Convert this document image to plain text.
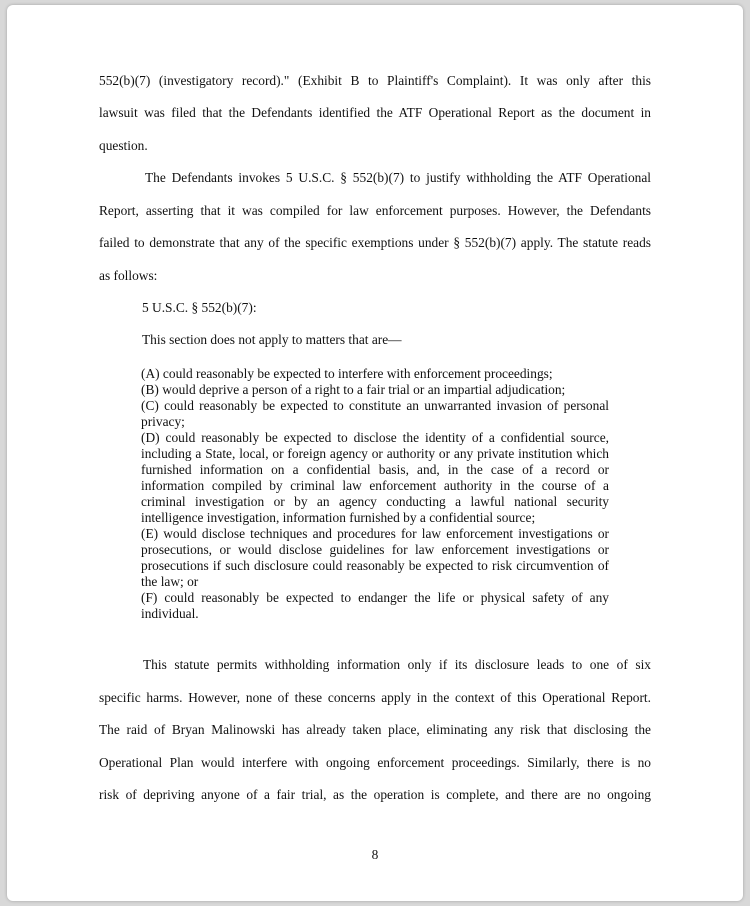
552(b)(7) (investigatory record)." (Exhibit B to Plaintiff's Complaint). It was only after this

lawsuit was filed that the Defendants identified the ATF Operational Report as the document in

question.

The Defendants invokes 5 U.S.C. § 552(b)(7) to justify withholding the ATF Operational

Report, asserting that it was compiled for law enforcement purposes. However, the Defendants

failed to demonstrate that any of the specific exemptions under § 552(b)(7) apply. The statute reads

as follows:

5 U.S.C. § 552(b)(7):

This section does not apply to matters that are—

(A) could reasonably be expected to interfere with enforcement proceedings;

(B) would deprive a person of a right to a fair trial or an impartial adjudication;

(C) could reasonably be expected to constitute an unwarranted invasion of personal privacy;

(D) could reasonably be expected to disclose the identity of a confidential source, including a State, local, or foreign agency or authority or any private institution which furnished information on a confidential basis, and, in the case of a record or information compiled by criminal law enforcement authority in the course of a criminal investigation or by an agency conducting a lawful national security intelligence investigation, information furnished by a confidential source;

(E) would disclose techniques and procedures for law enforcement investigations or prosecutions, or would disclose guidelines for law enforcement investigations or prosecutions if such disclosure could reasonably be expected to risk circumvention of the law; or

(F) could reasonably be expected to endanger the life or physical safety of any individual.

This statute permits withholding information only if its disclosure leads to one of six

specific harms. However, none of these concerns apply in the context of this Operational Report.

The raid of Bryan Malinowski has already taken place, eliminating any risk that disclosing the

Operational Plan would interfere with ongoing enforcement proceedings. Similarly, there is no

risk of depriving anyone of a fair trial, as the operation is complete, and there are no ongoing

8
